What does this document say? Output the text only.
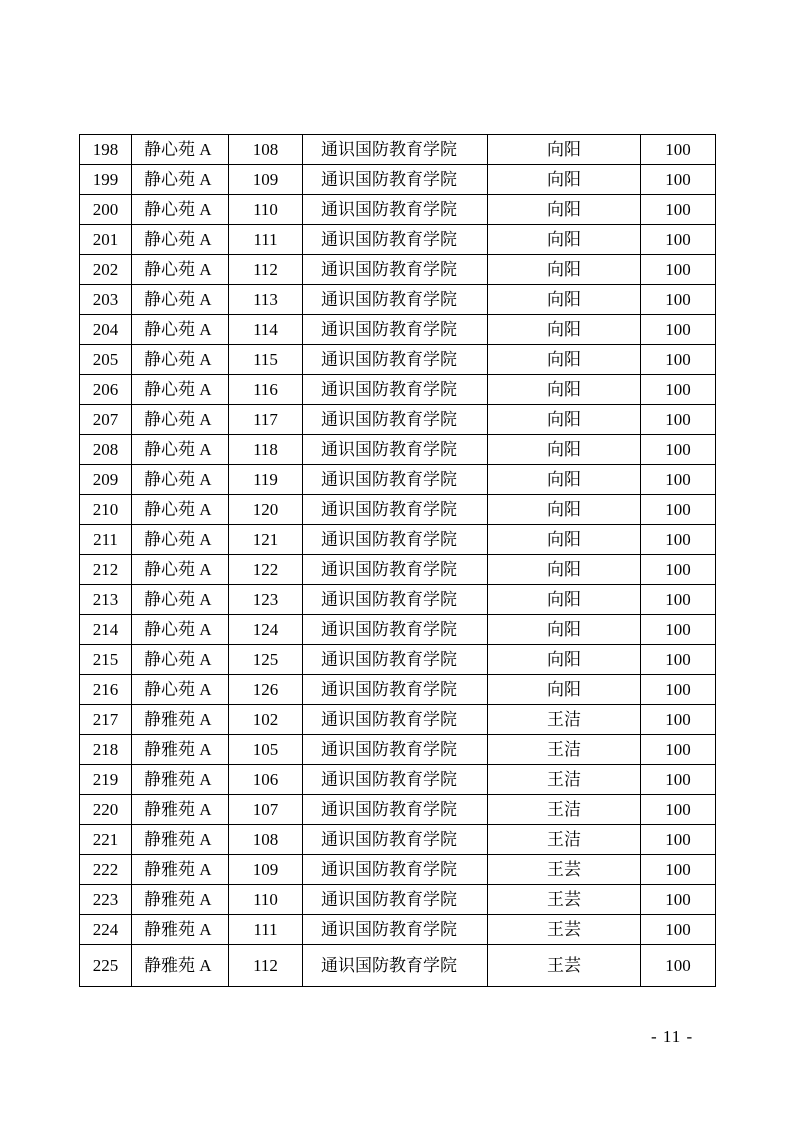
198	静心苑 A	108	通识国防教育学院	向阳	100
199	静心苑 A	109	通识国防教育学院	向阳	100
200	静心苑 A	110	通识国防教育学院	向阳	100
201	静心苑 A	111	通识国防教育学院	向阳	100
202	静心苑 A	112	通识国防教育学院	向阳	100
203	静心苑 A	113	通识国防教育学院	向阳	100
204	静心苑 A	114	通识国防教育学院	向阳	100
205	静心苑 A	115	通识国防教育学院	向阳	100
206	静心苑 A	116	通识国防教育学院	向阳	100
207	静心苑 A	117	通识国防教育学院	向阳	100
208	静心苑 A	118	通识国防教育学院	向阳	100
209	静心苑 A	119	通识国防教育学院	向阳	100
210	静心苑 A	120	通识国防教育学院	向阳	100
211	静心苑 A	121	通识国防教育学院	向阳	100
212	静心苑 A	122	通识国防教育学院	向阳	100
213	静心苑 A	123	通识国防教育学院	向阳	100
214	静心苑 A	124	通识国防教育学院	向阳	100
215	静心苑 A	125	通识国防教育学院	向阳	100
216	静心苑 A	126	通识国防教育学院	向阳	100
217	静雅苑 A	102	通识国防教育学院	王洁	100
218	静雅苑 A	105	通识国防教育学院	王洁	100
219	静雅苑 A	106	通识国防教育学院	王洁	100
220	静雅苑 A	107	通识国防教育学院	王洁	100
221	静雅苑 A	108	通识国防教育学院	王洁	100
222	静雅苑 A	109	通识国防教育学院	王芸	100
223	静雅苑 A	110	通识国防教育学院	王芸	100
224	静雅苑 A	111	通识国防教育学院	王芸	100
225	静雅苑 A	112	通识国防教育学院	王芸	100
- 11 -
